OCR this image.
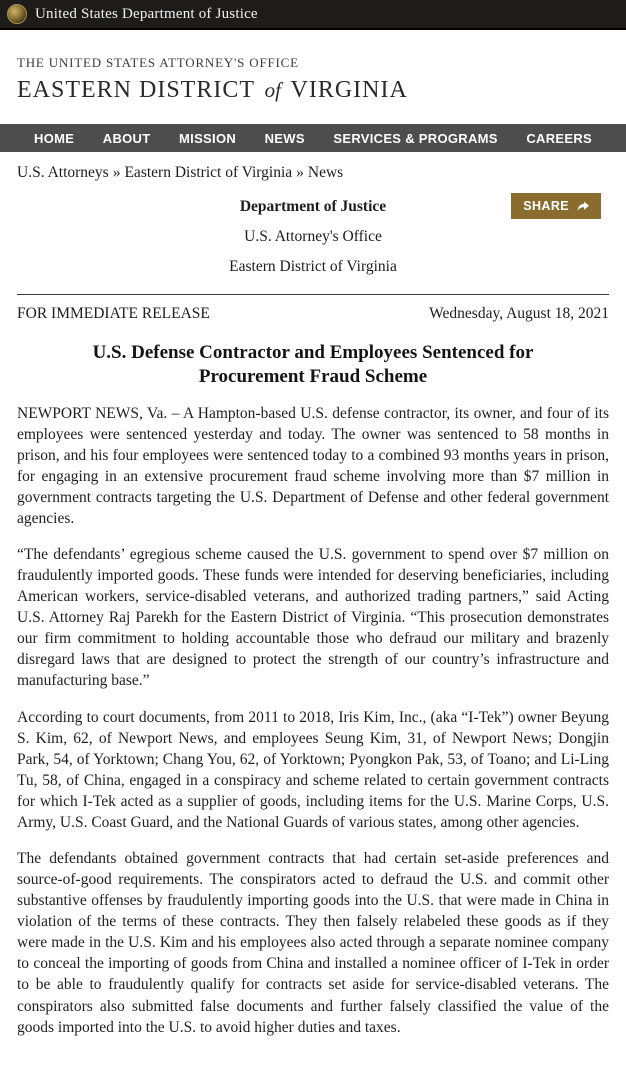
United States Department of Justice
THE UNITED STATES ATTORNEY'S OFFICE
EASTERN DISTRICT of VIRGINIA
HOME ABOUT MISSION NEWS SERVICES & PROGRAMS CAREERS
U.S. Attorneys » Eastern District of Virginia » News
Department of Justice
U.S. Attorney's Office
Eastern District of Virginia
SHARE
FOR IMMEDIATE RELEASE	Wednesday, August 18, 2021
U.S. Defense Contractor and Employees Sentenced for Procurement Fraud Scheme

NEWPORT NEWS, Va. – A Hampton-based U.S. defense contractor, its owner, and four of its employees were sentenced yesterday and today. The owner was sentenced to 58 months in prison, and his four employees were sentenced today to a combined 93 months years in prison, for engaging in an extensive procurement fraud scheme involving more than $7 million in government contracts targeting the U.S. Department of Defense and other federal government agencies.

“The defendants’ egregious scheme caused the U.S. government to spend over $7 million on fraudulently imported goods. These funds were intended for deserving beneficiaries, including American workers, service-disabled veterans, and authorized trading partners,” said Acting U.S. Attorney Raj Parekh for the Eastern District of Virginia. “This prosecution demonstrates our firm commitment to holding accountable those who defraud our military and brazenly disregard laws that are designed to protect the strength of our country’s infrastructure and manufacturing base.”

According to court documents, from 2011 to 2018, Iris Kim, Inc., (aka “I-Tek”) owner Beyung S. Kim, 62, of Newport News, and employees Seung Kim, 31, of Newport News; Dongjin Park, 54, of Yorktown; Chang You, 62, of Yorktown; Pyongkon Pak, 53, of Toano; and Li-Ling Tu, 58, of China, engaged in a conspiracy and scheme related to certain government contracts for which I-Tek acted as a supplier of goods, including items for the U.S. Marine Corps, U.S. Army, U.S. Coast Guard, and the National Guards of various states, among other agencies.

The defendants obtained government contracts that had certain set-aside preferences and source-of-good requirements. The conspirators acted to defraud the U.S. and commit other substantive offenses by fraudulently importing goods into the U.S. that were made in China in violation of the terms of these contracts. They then falsely relabeled these goods as if they were made in the U.S. Kim and his employees also acted through a separate nominee company to conceal the importing of goods from China and installed a nominee officer of I-Tek in order to be able to fraudulently qualify for contracts set aside for service-disabled veterans. The conspirators also submitted false documents and further falsely classified the value of the goods imported into the U.S. to avoid higher duties and taxes.
